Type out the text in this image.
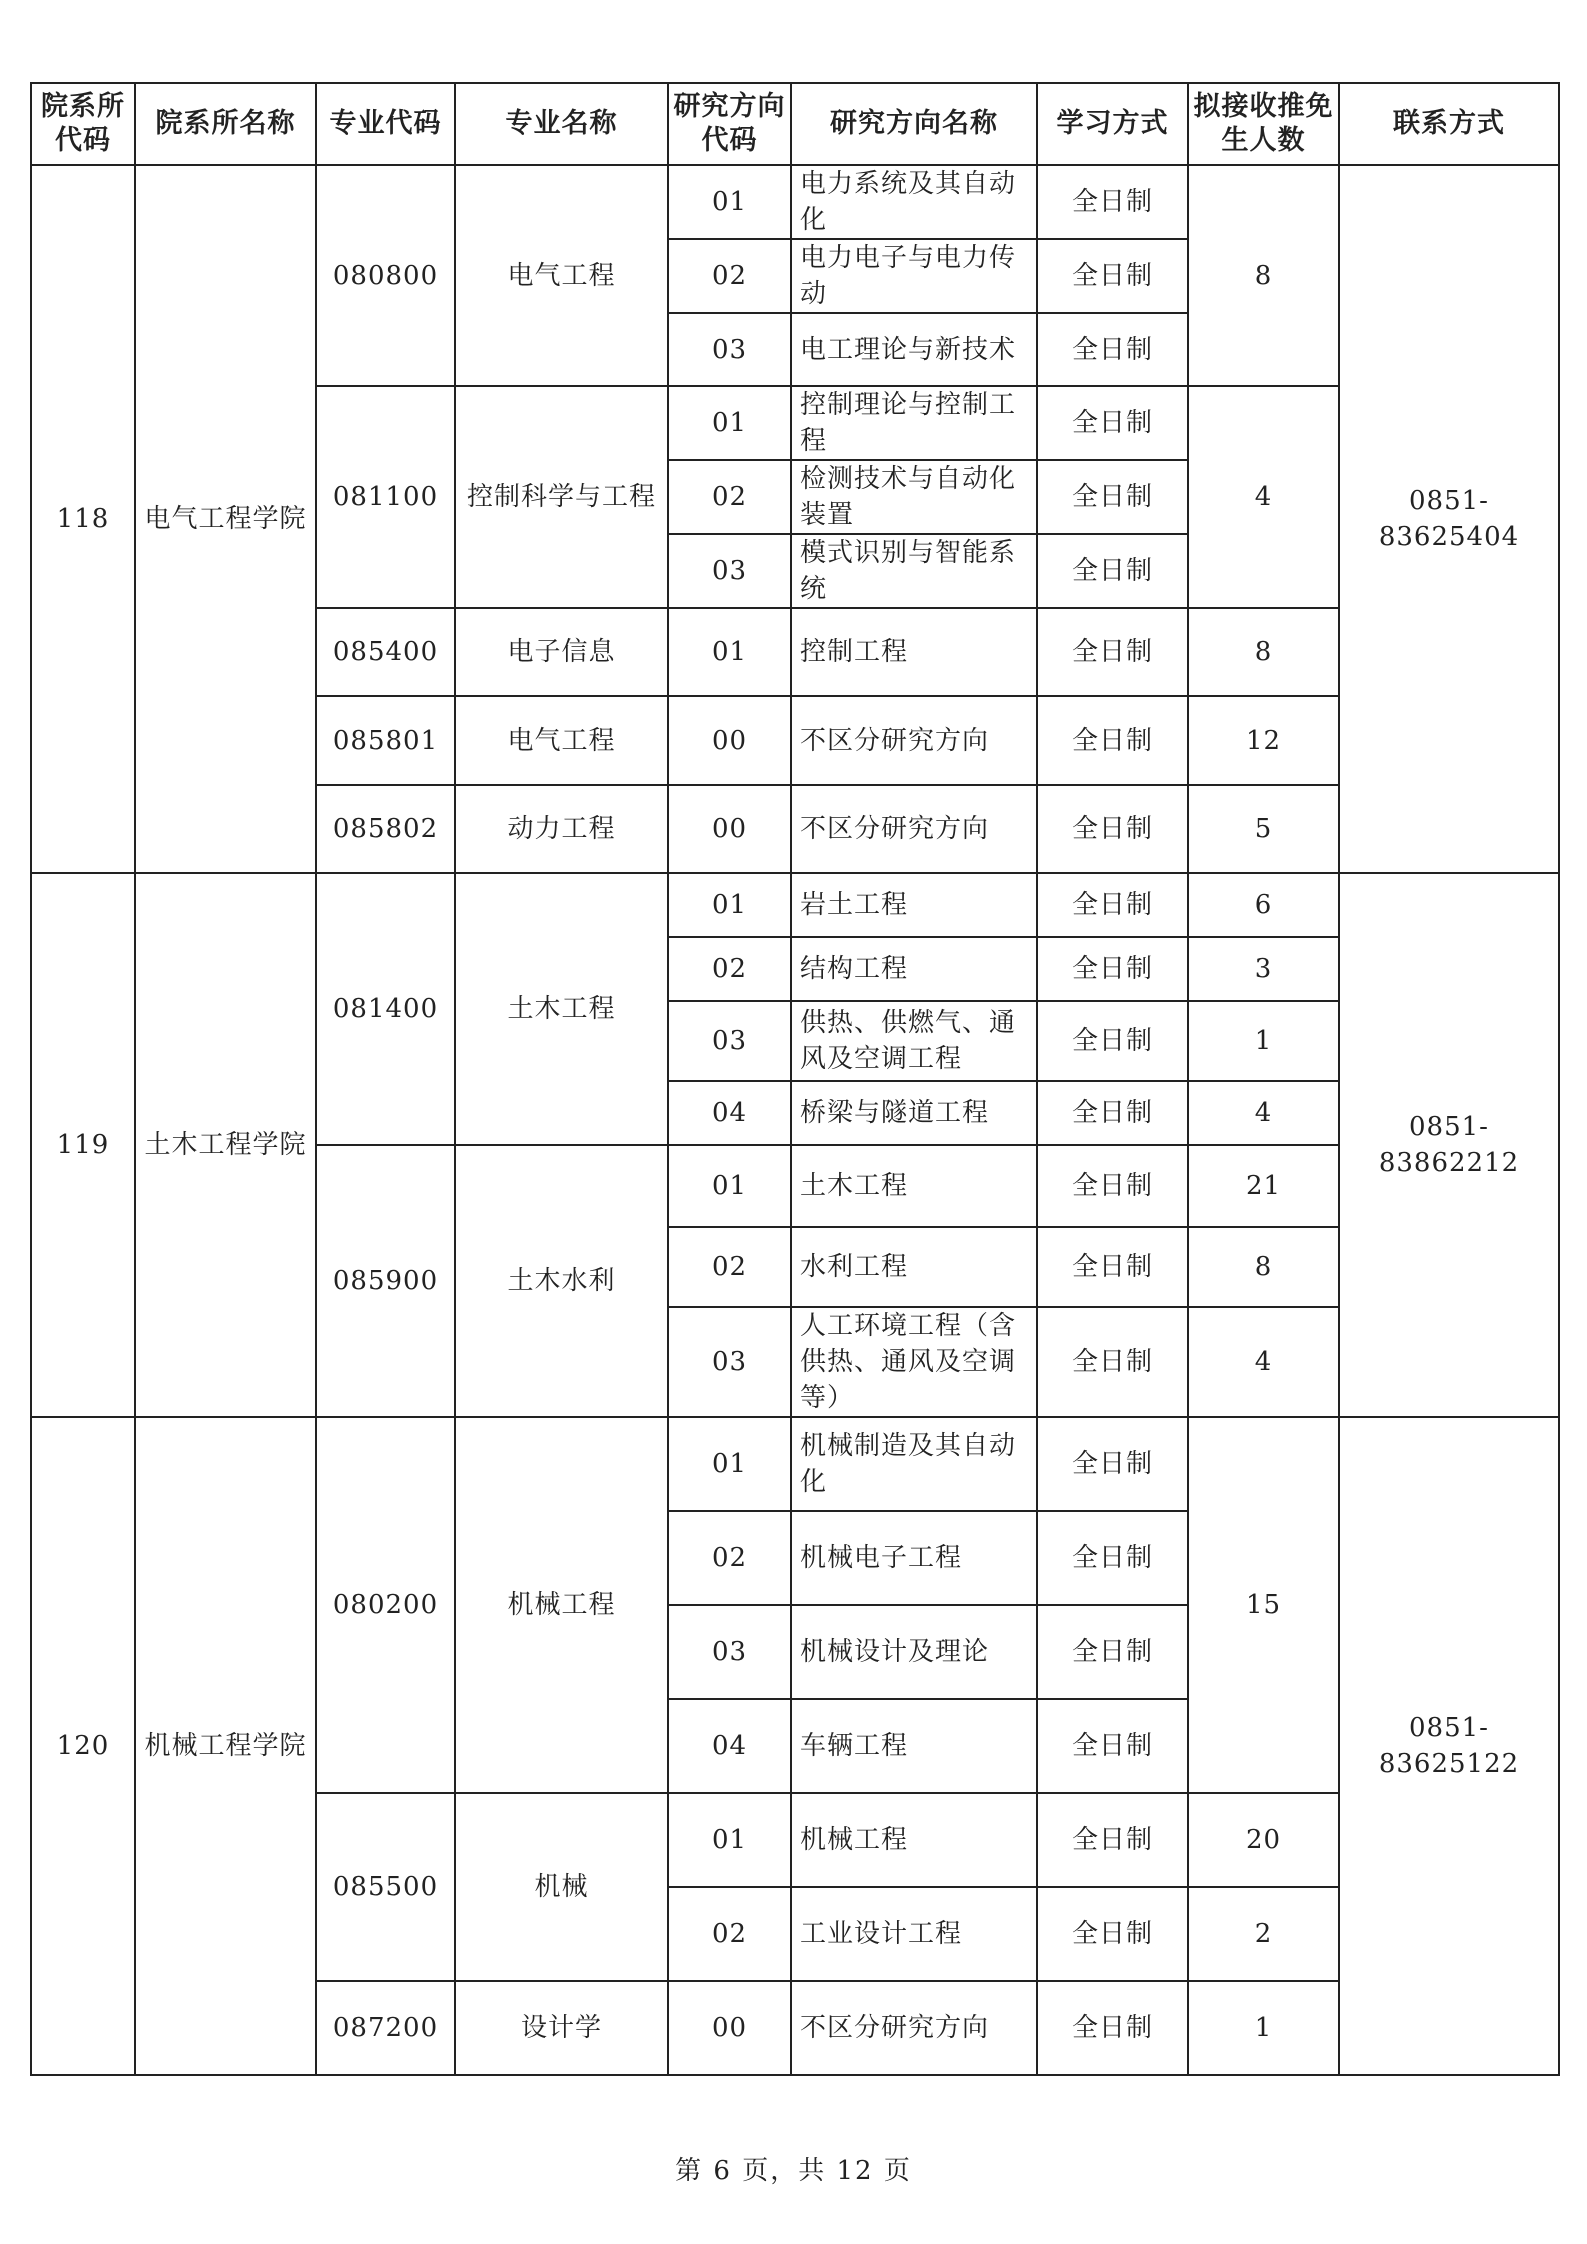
院系所代码	院系所名称	专业代码	专业名称	研究方向代码	研究方向名称	学习方式	拟接收推免生人数	联系方式
118	电气工程学院	080800	电气工程	01	电力系统及其自动化	全日制	8	0851-83625404
				02	电力电子与电力传动	全日制		
				03	电工理论与新技术	全日制		
		081100	控制科学与工程	01	控制理论与控制工程	全日制	4	
				02	检测技术与自动化装置	全日制		
				03	模式识别与智能系统	全日制		
		085400	电子信息	01	控制工程	全日制	8	
		085801	电气工程	00	不区分研究方向	全日制	12	
		085802	动力工程	00	不区分研究方向	全日制	5	
119	土木工程学院	081400	土木工程	01	岩土工程	全日制	6	0851-83862212
				02	结构工程	全日制	3	
				03	供热、供燃气、通风及空调工程	全日制	1	
				04	桥梁与隧道工程	全日制	4	
		085900	土木水利	01	土木工程	全日制	21	
				02	水利工程	全日制	8	
				03	人工环境工程（含供热、通风及空调等）	全日制	4	
120	机械工程学院	080200	机械工程	01	机械制造及其自动化	全日制	15	0851-83625122
				02	机械电子工程	全日制		
				03	机械设计及理论	全日制		
				04	车辆工程	全日制		
		085500	机械	01	机械工程	全日制	20	
				02	工业设计工程	全日制	2	
		087200	设计学	00	不区分研究方向	全日制	1	
第 6 页，共 12 页
